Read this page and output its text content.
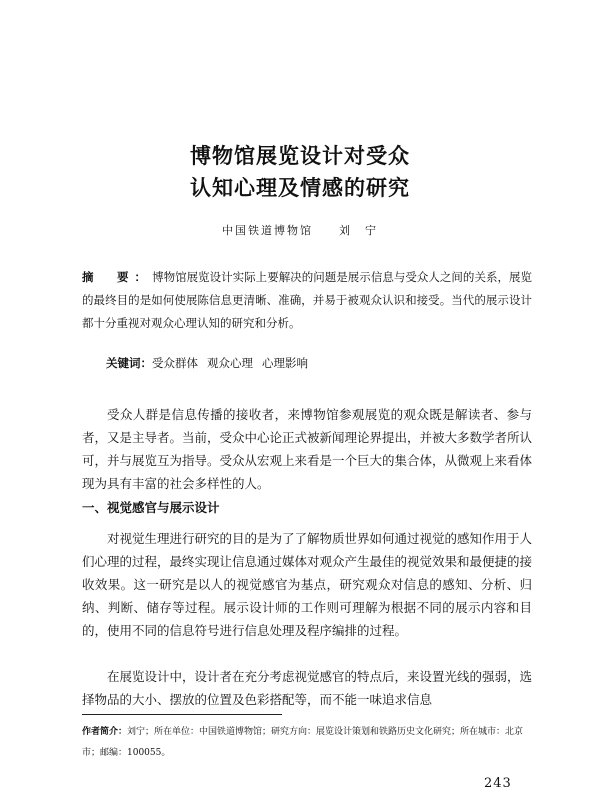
博物馆展览设计对受众
认知心理及情感的研究
中国铁道博物馆 刘　宁
摘　要：博物馆展览设计实际上要解决的问题是展示信息与受众人之间的关系，展览的最终目的是如何使展陈信息更清晰、准确，并易于被观众认识和接受。当代的展示设计都十分重视对观众心理认知的研究和分析。
关键词：受众群体 观众心理 心理影响

受众人群是信息传播的接收者，来博物馆参观展览的观众既是解读者、参与者，又是主导者。当前，受众中心论正式被新闻理论界提出，并被大多数学者所认可，并与展览互为指导。受众从宏观上来看是一个巨大的集合体，从微观上来看体现为具有丰富的社会多样性的人。

一、视觉感官与展示设计

对视觉生理进行研究的目的是为了了解物质世界如何通过视觉的感知作用于人们心理的过程，最终实现让信息通过媒体对观众产生最佳的视觉效果和最便捷的接收效果。这一研究是以人的视觉感官为基点，研究观众对信息的感知、分析、归纳、判断、储存等过程。展示设计师的工作则可理解为根据不同的展示内容和目的，使用不同的信息符号进行信息处理及程序编排的过程。

在展览设计中，设计者在充分考虑视觉感官的特点后，来设置光线的强弱，选择物品的大小、摆放的位置及色彩搭配等，而不能一味追求信息

作者简介：刘宁；所在单位：中国铁道博物馆；研究方向：展览设计策划和铁路历史文化研究；所在城市：北京市；邮编：100055。
243
